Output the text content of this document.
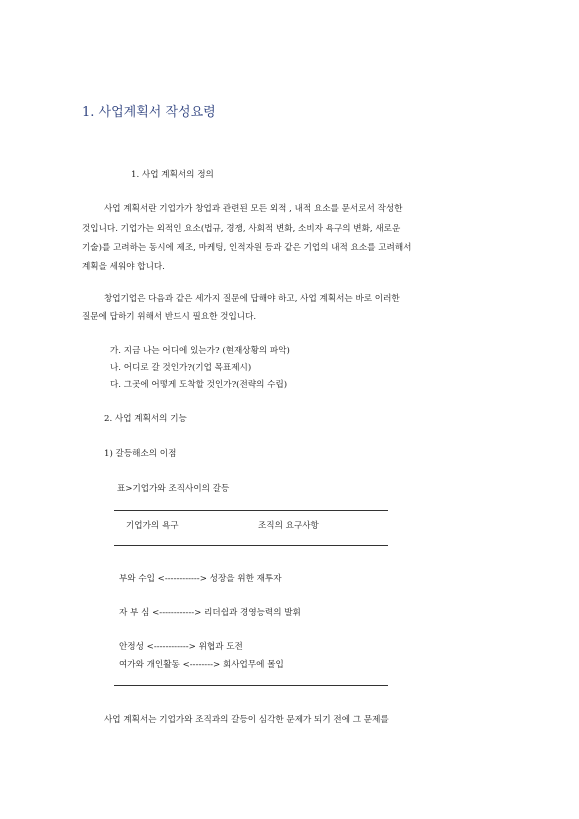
1. 사업계획서 작성요령
1. 사업 계획서의 정의
사업 계획서란 기업가가 창업과 관련된 모든 외적 , 내적 요소를 문서로서 작성한
것입니다. 기업가는 외적인 요소(법규, 경쟁, 사회적 변화, 소비자 욕구의 변화, 새로운
기술)를 고려하는 동시에 제조, 마케팅, 인적자원 등과 같은 기업의 내적 요소를 고려해서
계획을 세워야 합니다.
창업기업은 다음과 같은 세가지 질문에 답해야 하고, 사업 계획서는 바로 이러한
질문에 답하기 위해서 반드시 필요한 것입니다.
가. 지금 나는 어디에 있는가? (현재상황의 파악)
나. 어디로 갈 것인가?(기업 목표제시)
다. 그곳에 어떻게 도착할 것인가?(전략의 수립)
2. 사업 계획서의 기능
1) 갈등해소의 이점
표>기업가와 조직사이의 갈등
기업가의 욕구	조직의 요구사항
부와 수입 <------------> 성장을 위한 재투자
자 부 심 <------------> 리더쉽과 경영능력의 발휘
안정성 <------------> 위협과 도전
여가와 개인활동 <--------> 회사업무에 몰입
사업 계획서는 기업가와 조직과의 갈등이 심각한 문제가 되기 전에 그 문제를
